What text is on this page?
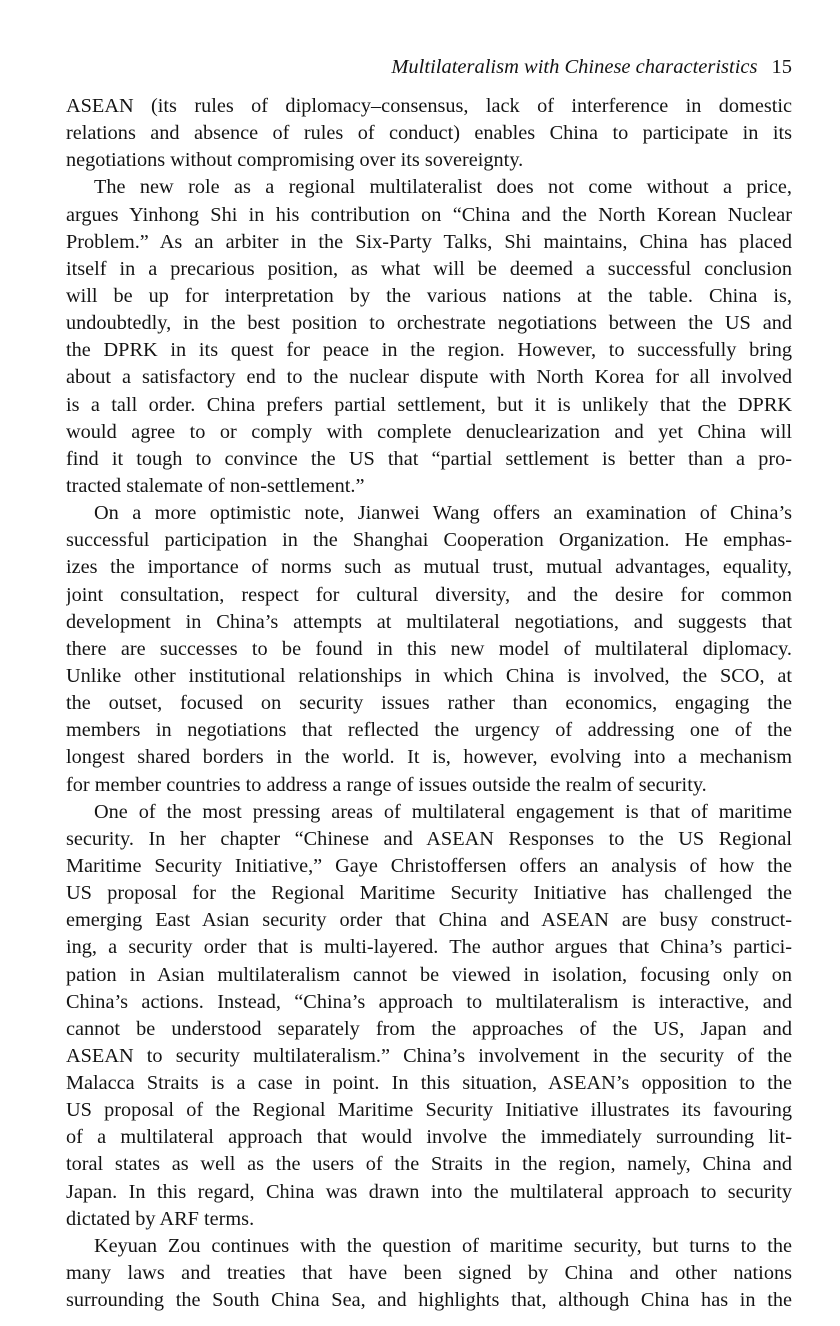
Multilateralism with Chinese characteristics 15
ASEAN (its rules of diplomacy–consensus, lack of interference in domestic
relations and absence of rules of conduct) enables China to participate in its
negotiations without compromising over its sovereignty.
The new role as a regional multilateralist does not come without a price,
argues Yinhong Shi in his contribution on “China and the North Korean Nuclear
Problem.” As an arbiter in the Six-Party Talks, Shi maintains, China has placed
itself in a precarious position, as what will be deemed a successful conclusion
will be up for interpretation by the various nations at the table. China is,
undoubtedly, in the best position to orchestrate negotiations between the US and
the DPRK in its quest for peace in the region. However, to successfully bring
about a satisfactory end to the nuclear dispute with North Korea for all involved
is a tall order. China prefers partial settlement, but it is unlikely that the DPRK
would agree to or comply with complete denuclearization and yet China will
find it tough to convince the US that “partial settlement is better than a pro-
tracted stalemate of non-settlement.”
On a more optimistic note, Jianwei Wang offers an examination of China’s
successful participation in the Shanghai Cooperation Organization. He emphas-
izes the importance of norms such as mutual trust, mutual advantages, equality,
joint consultation, respect for cultural diversity, and the desire for common
development in China’s attempts at multilateral negotiations, and suggests that
there are successes to be found in this new model of multilateral diplomacy.
Unlike other institutional relationships in which China is involved, the SCO, at
the outset, focused on security issues rather than economics, engaging the
members in negotiations that reflected the urgency of addressing one of the
longest shared borders in the world. It is, however, evolving into a mechanism
for member countries to address a range of issues outside the realm of security.
One of the most pressing areas of multilateral engagement is that of maritime
security. In her chapter “Chinese and ASEAN Responses to the US Regional
Maritime Security Initiative,” Gaye Christoffersen offers an analysis of how the
US proposal for the Regional Maritime Security Initiative has challenged the
emerging East Asian security order that China and ASEAN are busy construct-
ing, a security order that is multi-layered. The author argues that China’s partici-
pation in Asian multilateralism cannot be viewed in isolation, focusing only on
China’s actions. Instead, “China’s approach to multilateralism is interactive, and
cannot be understood separately from the approaches of the US, Japan and
ASEAN to security multilateralism.” China’s involvement in the security of the
Malacca Straits is a case in point. In this situation, ASEAN’s opposition to the
US proposal of the Regional Maritime Security Initiative illustrates its favouring
of a multilateral approach that would involve the immediately surrounding lit-
toral states as well as the users of the Straits in the region, namely, China and
Japan. In this regard, China was drawn into the multilateral approach to security
dictated by ARF terms.
Keyuan Zou continues with the question of maritime security, but turns to the
many laws and treaties that have been signed by China and other nations
surrounding the South China Sea, and highlights that, although China has in the
